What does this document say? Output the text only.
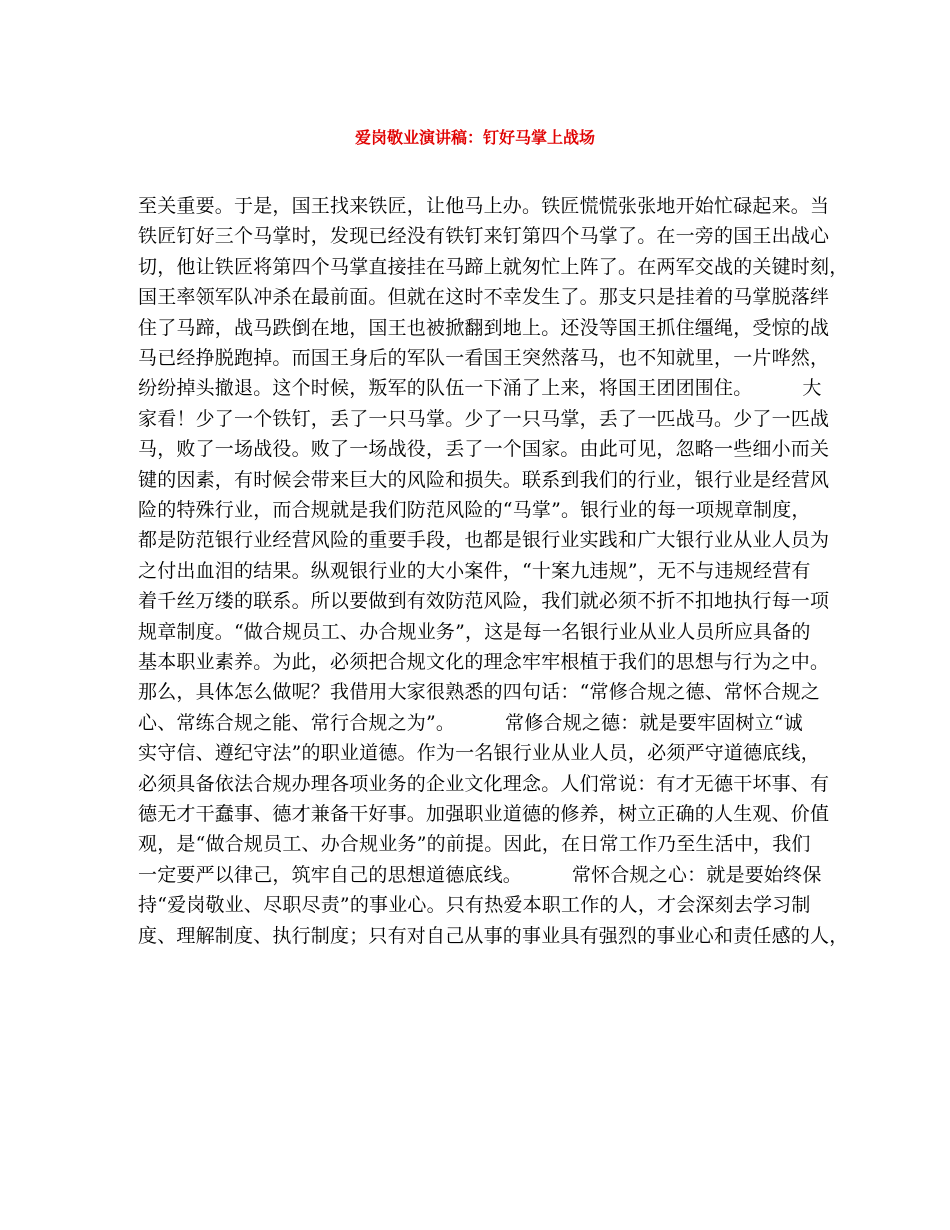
爱岗敬业演讲稿：钉好马掌上战场
至关重要。于是，国王找来铁匠，让他马上办。铁匠慌慌张张地开始忙碌起来。当
铁匠钉好三个马掌时，发现已经没有铁钉来钉第四个马掌了。在一旁的国王出战心
切，他让铁匠将第四个马掌直接挂在马蹄上就匆忙上阵了。在两军交战的关键时刻，
国王率领军队冲杀在最前面。但就在这时不幸发生了。那支只是挂着的马掌脱落绊
住了马蹄，战马跌倒在地，国王也被掀翻到地上。还没等国王抓住缰绳，受惊的战
马已经挣脱跑掉。而国王身后的军队一看国王突然落马，也不知就里，一片哗然，
纷纷掉头撤退。这个时候，叛军的队伍一下涌了上来，将国王团团围住。        大
家看！少了一个铁钉，丢了一只马掌。少了一只马掌，丢了一匹战马。少了一匹战
马，败了一场战役。败了一场战役，丢了一个国家。由此可见，忽略一些细小而关
键的因素，有时候会带来巨大的风险和损失。联系到我们的行业，银行业是经营风
险的特殊行业，而合规就是我们防范风险的“马掌”。银行业的每一项规章制度，
都是防范银行业经营风险的重要手段，也都是银行业实践和广大银行业从业人员为
之付出血泪的结果。纵观银行业的大小案件，“十案九违规”，无不与违规经营有
着千丝万缕的联系。所以要做到有效防范风险，我们就必须不折不扣地执行每一项
规章制度。“做合规员工、办合规业务”，这是每一名银行业从业人员所应具备的
基本职业素养。为此，必须把合规文化的理念牢牢根植于我们的思想与行为之中。
那么，具体怎么做呢？我借用大家很熟悉的四句话：“常修合规之德、常怀合规之
心、常练合规之能、常行合规之为”。        常修合规之德：就是要牢固树立“诚
实守信、遵纪守法”的职业道德。作为一名银行业从业人员，必须严守道德底线，
必须具备依法合规办理各项业务的企业文化理念。人们常说：有才无德干坏事、有
德无才干蠢事、德才兼备干好事。加强职业道德的修养，树立正确的人生观、价值
观，是“做合规员工、办合规业务”的前提。因此，在日常工作乃至生活中，我们
一定要严以律己，筑牢自己的思想道德底线。        常怀合规之心：就是要始终保
持“爱岗敬业、尽职尽责”的事业心。只有热爱本职工作的人，才会深刻去学习制
度、理解制度、执行制度；只有对自己从事的事业具有强烈的事业心和责任感的人，
